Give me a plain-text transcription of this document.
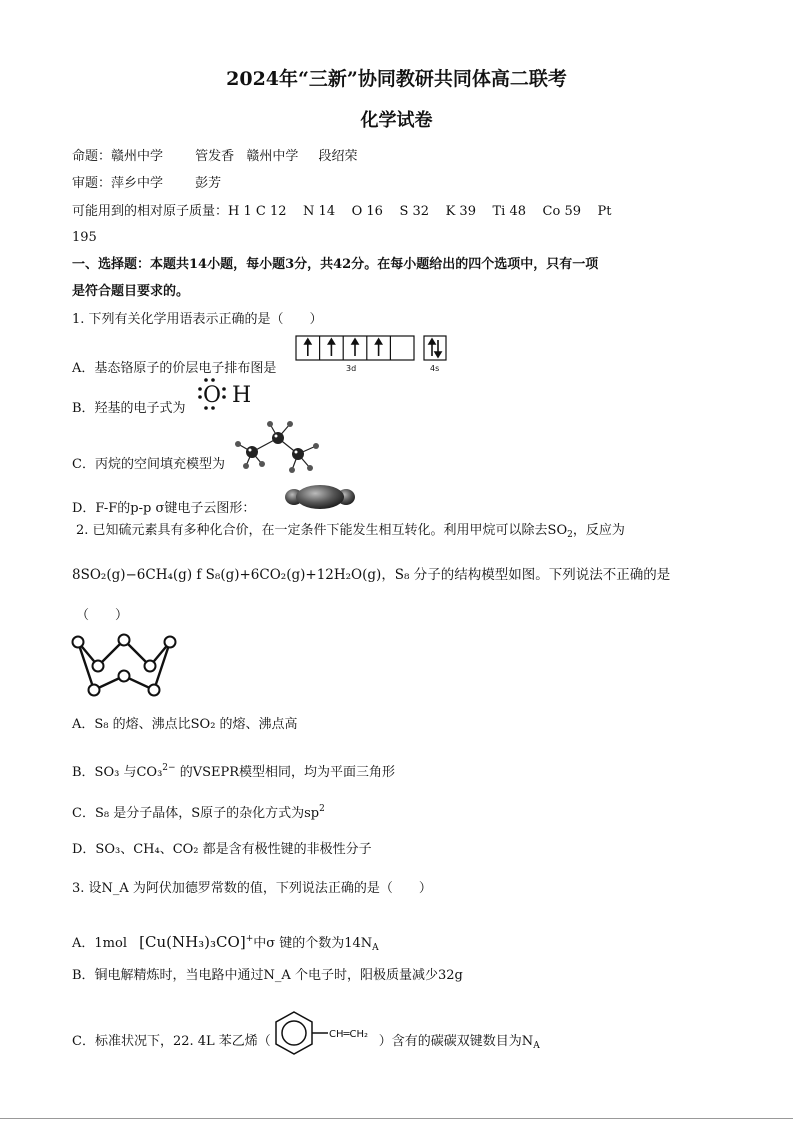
2024年“三新”协同教研共同体高二联考
化学试卷
命题：赣州中学 管发香 赣州中学 段绍荣
审题：萍乡中学 彭芳
可能用到的相对原子质量：H 1 C 12    N 14    O 16    S 32    K 39    Ti 48    Co 59    Pt
195
一、选择题：本题共14小题，每小题3分，共42分。在每小题给出的四个选项中，只有一项
是符合题目要求的。
1. 下列有关化学用语表示正确的是（　　）
A．基态铬原子的价层电子排布图是	3d	4s
B．羟基的电子式为
O H
C．丙烷的空间填充模型为
D．F-F的p-p σ键电子云图形：
2. 已知硫元素具有多种化合价，在一定条件下能发生相互转化。利用甲烷可以除去$SO_2$，反应为
8SO₂(g)−6CH₄(g) f S₈(g)+6CO₂(g)+12H₂O(g)，S₈ 分子的结构模型如图。下列说法不正确的是
（　　）
A．S₈ 的熔、沸点比SO₂ 的熔、沸点高
B．SO₃ 与CO₃$^{2-}$ 的VSEPR模型相同，均为平面三角形
C．S₈ 是分子晶体，S原子的杂化方式为$sp^2$
D．SO₃、CH₄、CO₂ 都是含有极性键的非极性分子
3. 设N_A 为阿伏加德罗常数的值，下列说法正确的是（　　）
A．1mol [Cu(NH₃)₃CO]+中σ 键的个数为$14N_A$
B．铜电解精炼时，当电路中通过N_A 个电子时，阳极质量减少32g
C．标准状况下，22. 4L 苯乙烯（	）含有的碳碳双键数目为$N_A$
CH═CH₂
